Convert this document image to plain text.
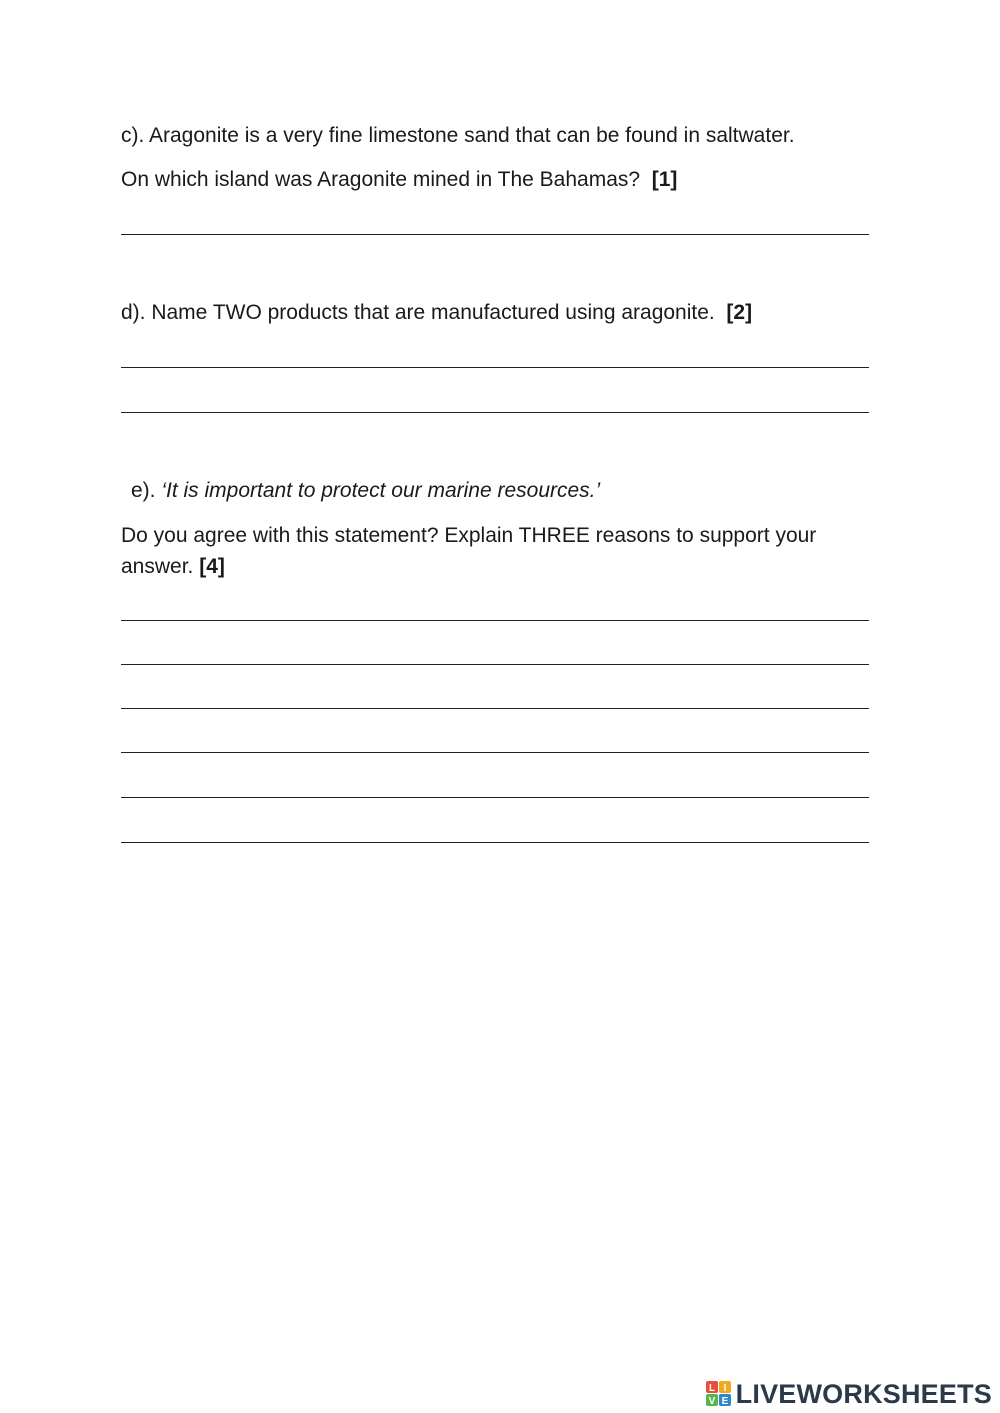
c). Aragonite is a very fine limestone sand that can be found in saltwater.
On which island was Aragonite mined in The Bahamas? [1]
d). Name TWO products that are manufactured using aragonite. [2]
e). ‘It is important to protect our marine resources.’
Do you agree with this statement? Explain THREE reasons to support your
answer. [4]
L I
V E LIVEWORKSHEETS
